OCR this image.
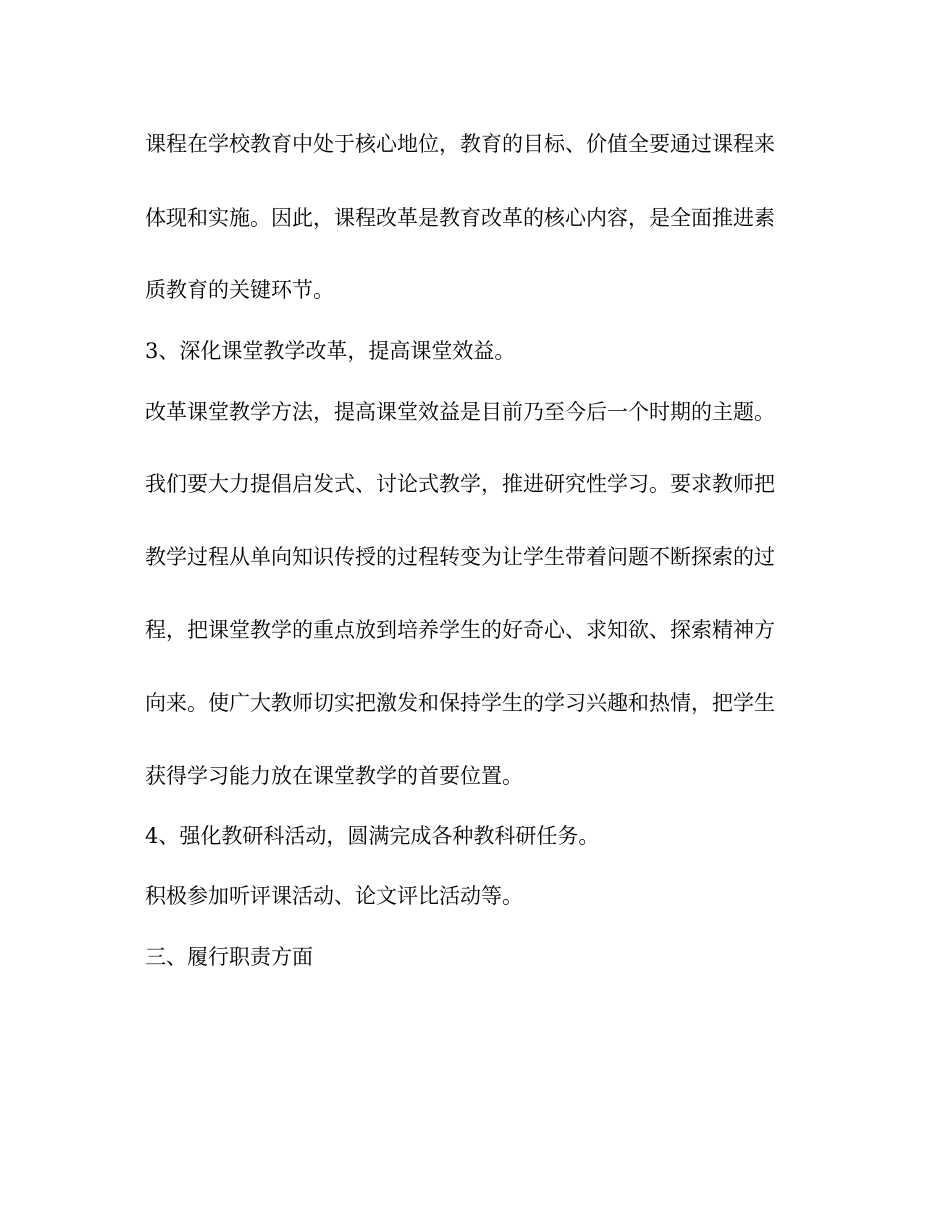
课程在学校教育中处于核心地位，教育的目标、价值全要通过课程来
体现和实施。因此，课程改革是教育改革的核心内容，是全面推进素
质教育的关键环节。
3、深化课堂教学改革，提高课堂效益。
改革课堂教学方法，提高课堂效益是目前乃至今后一个时期的主题。
我们要大力提倡启发式、讨论式教学，推进研究性学习。要求教师把
教学过程从单向知识传授的过程转变为让学生带着问题不断探索的过
程，把课堂教学的重点放到培养学生的好奇心、求知欲、探索精神方
向来。使广大教师切实把激发和保持学生的学习兴趣和热情，把学生
获得学习能力放在课堂教学的首要位置。
4、强化教研科活动，圆满完成各种教科研任务。
积极参加听评课活动、论文评比活动等。
三、履行职责方面
